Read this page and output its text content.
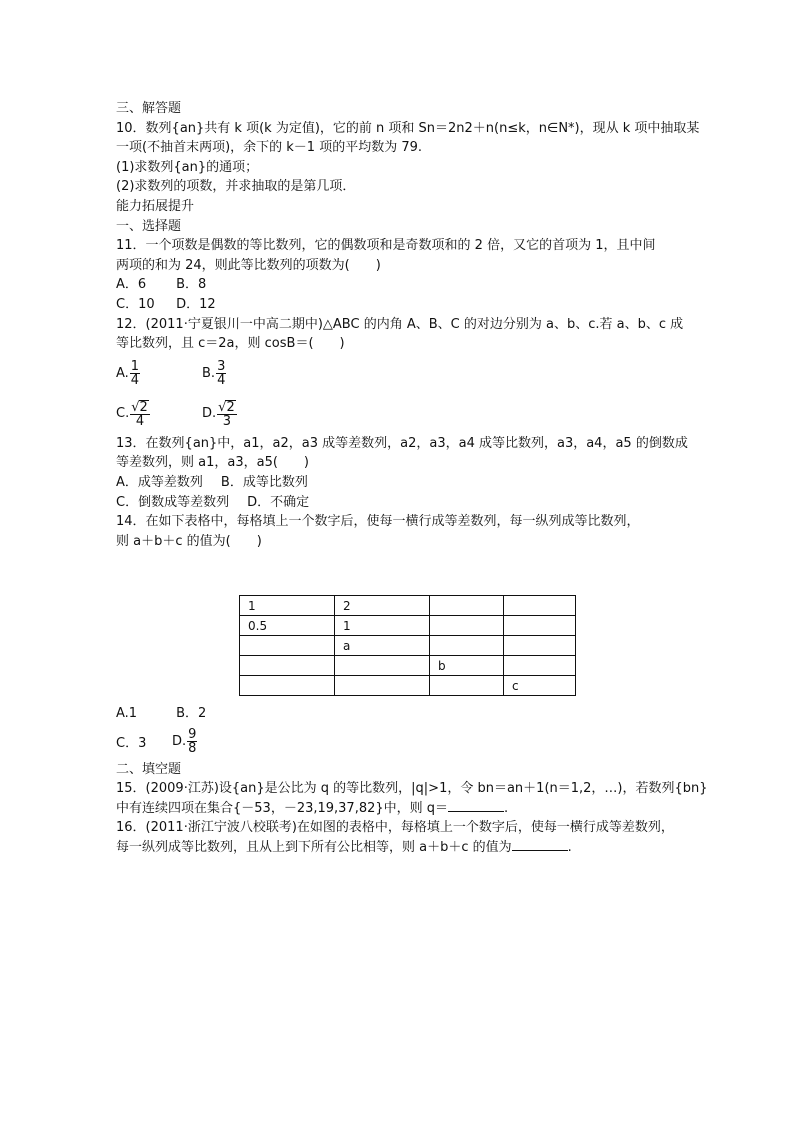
三、解答题
10．数列{an}共有 k 项(k 为定值)，它的前 n 项和 Sn＝2n2＋n(n≤k，n∈N*)，现从 k 项中抽取某
一项(不抽首末两项)，余下的 k－1 项的平均数为 79.
(1)求数列{an}的通项；
(2)求数列的项数，并求抽取的是第几项．
能力拓展提升
一、选择题
11．一个项数是偶数的等比数列，它的偶数项和是奇数项和的 2 倍，又它的首项为 1，且中间
两项的和为 24，则此等比数列的项数为(　　)
A．6 B．8
C．10 D．12
12．(2011·宁夏银川一中高二期中)△ABC 的内角 A、B、C 的对边分别为 a、b、c.若 a、b、c 成
等比数列，且 c＝2a，则 cosB＝(　　)
A. $\frac{1}{4}$	B. $\frac{3}{4}$
C. $\frac{√2}{4}$	D. $\frac{√2}{3}$
13．在数列{an}中，a1，a2，a3 成等差数列，a2，a3，a4 成等比数列，a3，a4，a5 的倒数成
等差数列，则 a1，a3，a5(　　)
A．成等差数列 B．成等比数列
C．倒数成等差数列 D．不确定
14．在如下表格中，每格填上一个数字后，使每一横行成等差数列，每一纵列成等比数列，
则 a＋b＋c 的值为(　　)
1	2		
0.5	1		
	a		
		b	
			c
A.1	B．2
C．3	D. $\frac{9}{8}$
二、填空题
15．(2009·江苏)设{an}是公比为 q 的等比数列，|q|>1，令 bn＝an＋1(n＝1,2，…)，若数列{bn}
中有连续四项在集合{－53，－23,19,37,82}中，则 q＝	.
16．(2011·浙江宁波八校联考)在如图的表格中，每格填上一个数字后，使每一横行成等差数列，
每一纵列成等比数列，且从上到下所有公比相等，则 a＋b＋c 的值为	.
